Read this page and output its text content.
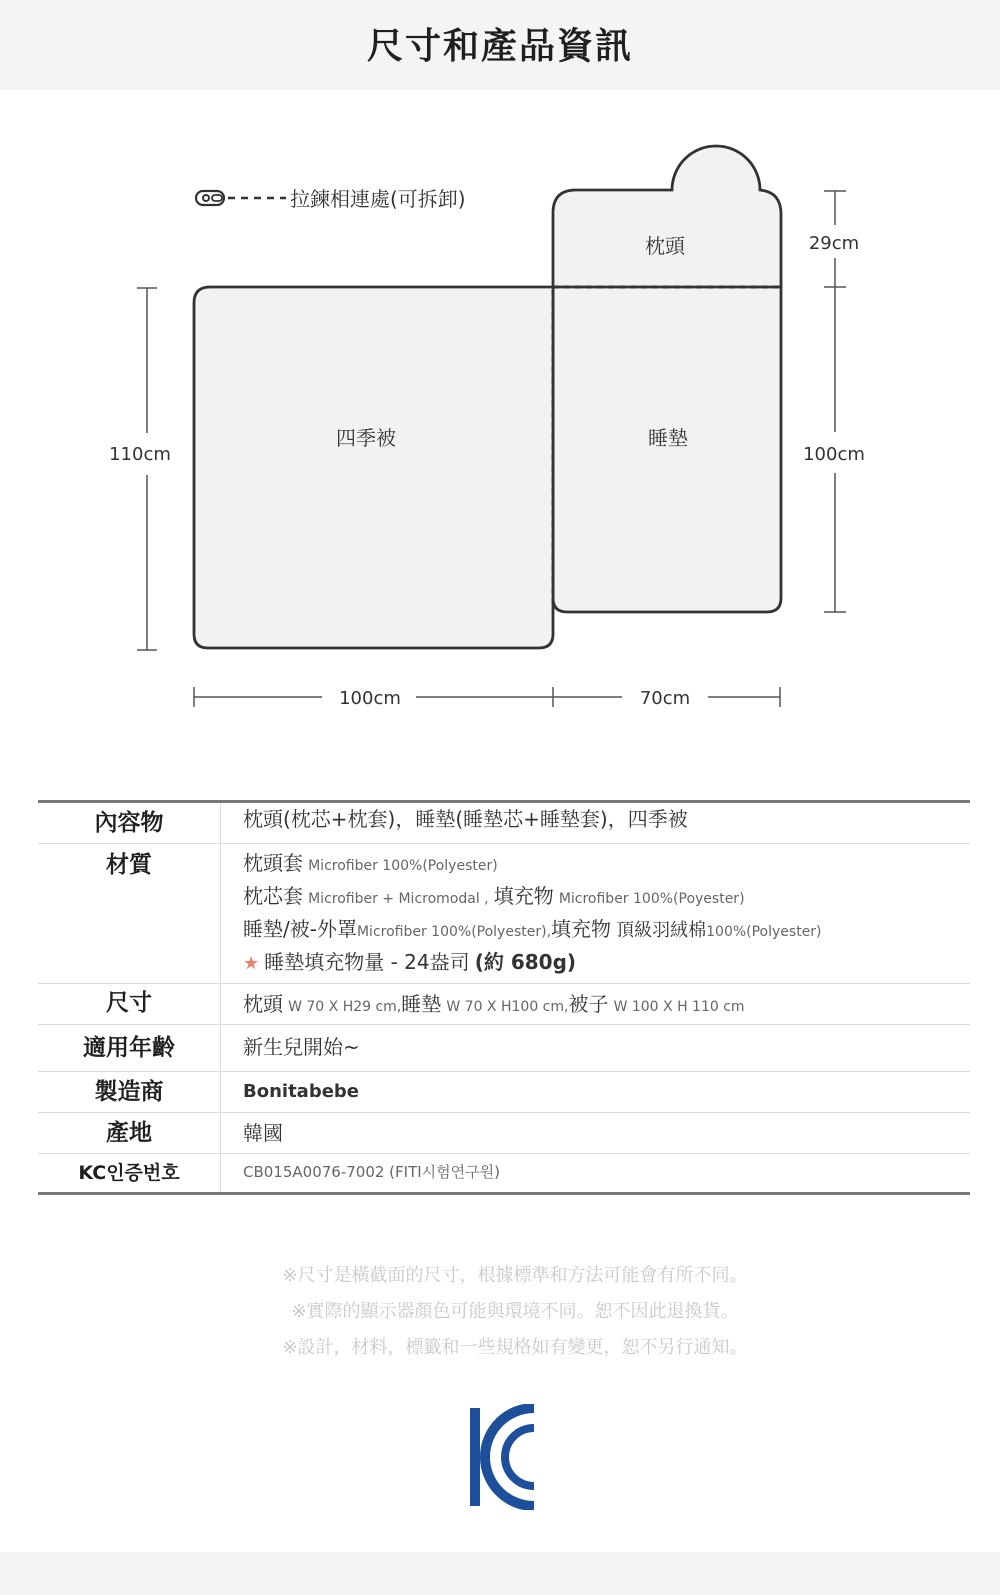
尺寸和產品資訊
拉鍊相連處(可拆卸)
四季被
枕頭
睡墊
110cm
29cm
100cm
100cm	70cm
內容物	枕頭(枕芯+枕套)，睡墊(睡墊芯+睡墊套)，四季被

材質	枕頭套 Microfiber 100%(Polyester)
枕芯套 Microfiber + Micromodal , 填充物 Microfiber 100%(Poyester)
睡墊/被-外罩Microfiber 100%(Polyester),填充物 頂級羽絨棉100%(Polyester)
★ 睡墊填充物量 - 24盎司 (約 680g)

尺寸	枕頭 W 70 X H29 cm,睡墊 W 70 X H100 cm,被子 W 100 X H 110 cm

適用年齡	新生兒開始~

製造商	Bonitabebe

產地	韓國

KC인증번호	CB015A0076-7002 (FITI시험연구원)
※尺寸是橫截面的尺寸，根據標準和方法可能會有所不同。
※實際的顯示器顏色可能與環境不同。恕不因此退換貨。
※設計，材料，標籤和一些規格如有變更，恕不另行通知。
